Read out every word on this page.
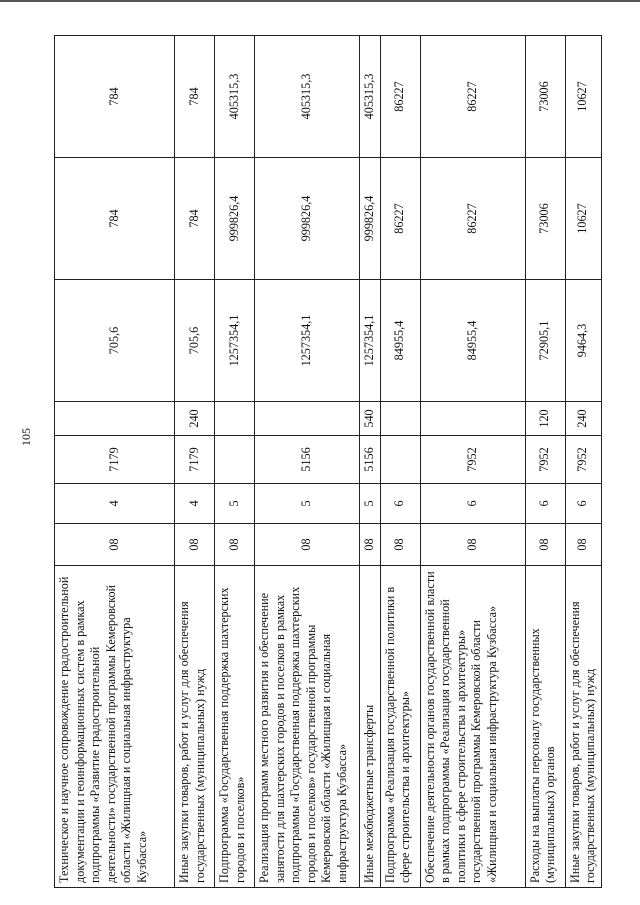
105
Техническое и научное сопровождение градостроительной документации и геоинформационных систем в рамках подпрограммы «Развитие градостроительной деятельности» государственной программы Кемеровской области «Жилищная и социальная инфраструктура Кузбасса»	08	4	7179		705,6	784	784
Иные закупки товаров, работ и услуг для обеспечения государственных (муниципальных) нужд	08	4	7179	240	705,6	784	784
Подпрограмма «Государственная поддержка шахтерских городов и поселков»	08	5			1257354,1	999826,4	405315,3
Реализация программ местного развития и обеспечение занятости для шахтерских городов и поселков в рамках подпрограммы «Государственная поддержка шахтерских городов и поселков» государственной программы Кемеровской области «Жилищная и социальная инфраструктура Кузбасса»	08	5	5156		1257354,1	999826,4	405315,3
Иные межбюджетные трансферты	08	5	5156	540	1257354,1	999826,4	405315,3
Подпрограмма «Реализация государственной политики в сфере строительства и архитектуры»	08	6			84955,4	86227	86227
Обеспечение деятельности органов государственной власти в рамках подпрограммы «Реализация государственной политики в сфере строительства и архитектуры» государственной программы Кемеровской области «Жилищная и социальная инфраструктура Кузбасса»	08	6	7952		84955,4	86227	86227
Расходы на выплаты персоналу государственных (муниципальных) органов	08	6	7952	120	72905,1	73006	73006
Иные закупки товаров, работ и услуг для обеспечения государственных (муниципальных) нужд	08	6	7952	240	9464,3	10627	10627
